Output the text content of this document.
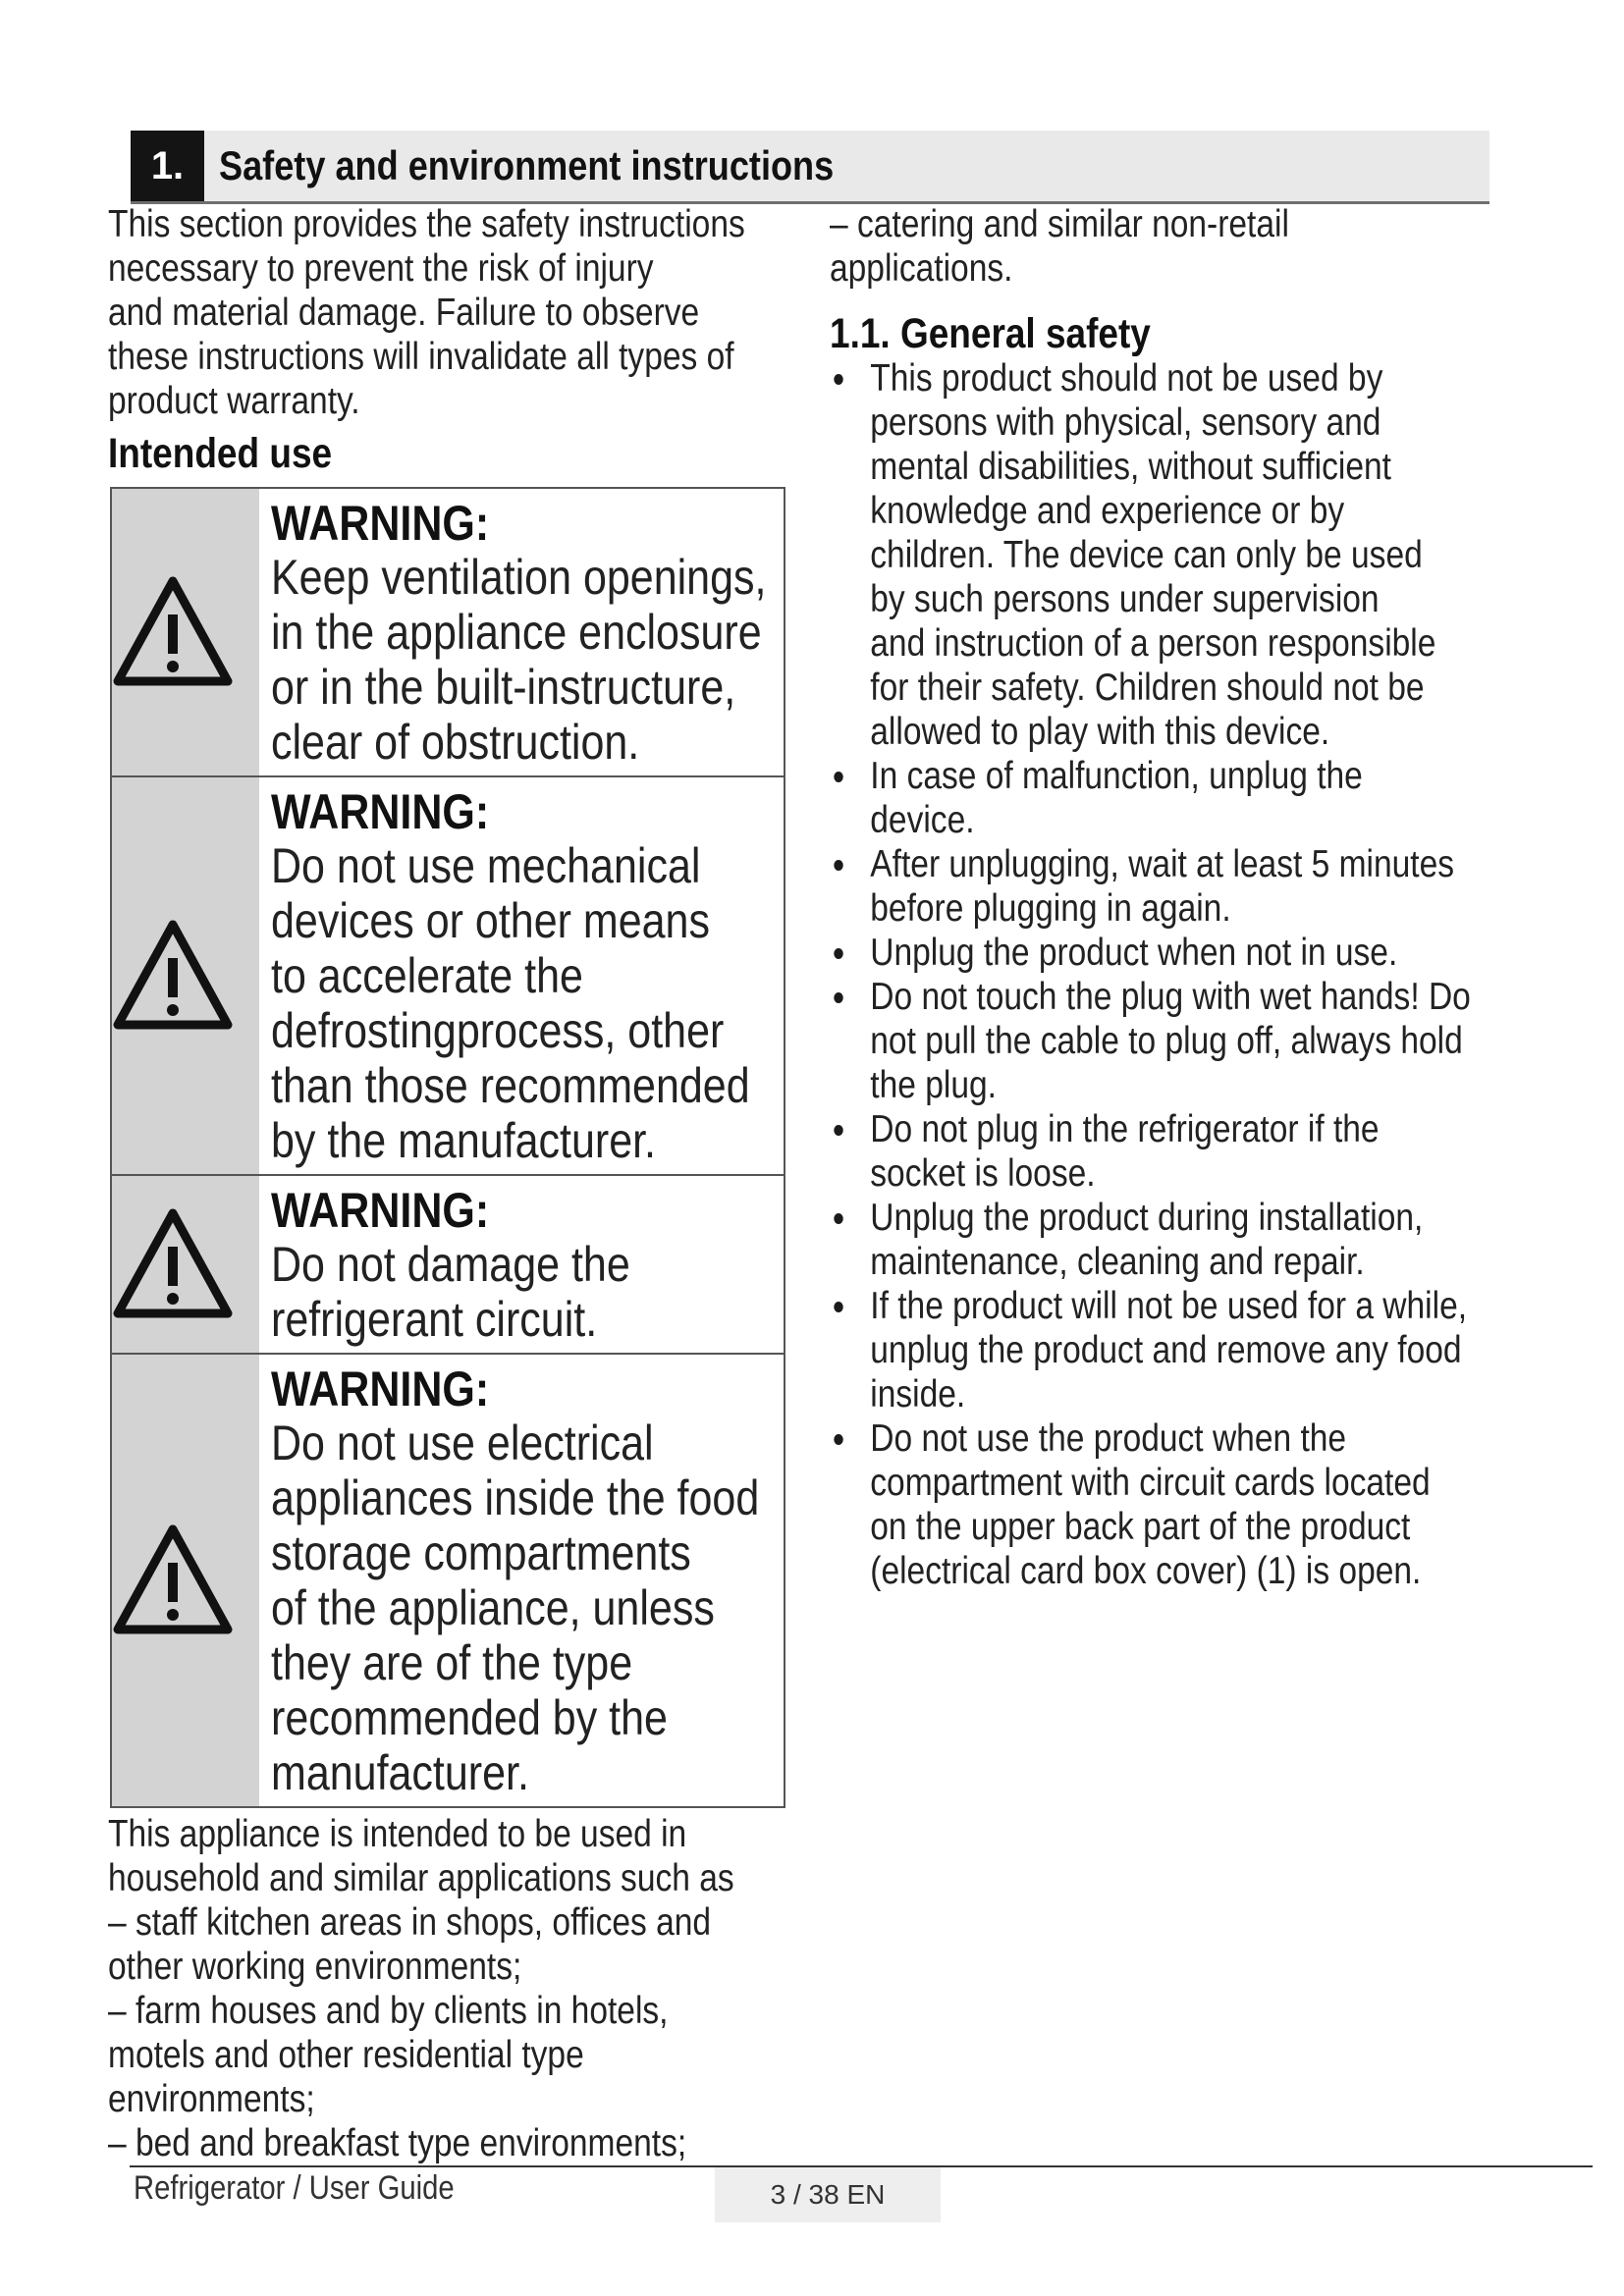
1. Safety and environment instructions
This section provides the safety instructions
necessary to prevent the risk of injury
and material damage. Failure to observe
these instructions will invalidate all types of
product warranty.
Intended use
WARNING:
Keep ventilation openings,
in the appliance enclosure
or in the built-instructure,
clear of obstruction.
WARNING:
Do not use mechanical
devices or other means
to accelerate the
defrostingprocess, other
than those recommended
by the manufacturer.
WARNING:
Do not damage the
refrigerant circuit.
WARNING:
Do not use electrical
appliances inside the food
storage compartments
of the appliance, unless
they are of the type
recommended by the
manufacturer.
This appliance is intended to be used in
household and similar applications such as
– staff kitchen areas in shops, offices and
other working environments;
– farm houses and by clients in hotels,
motels and other residential type
environments;
– bed and breakfast type environments;
– catering and similar non-retail
applications.
1.1. General safety
This product should not be used by
persons with physical, sensory and
mental disabilities, without sufficient
knowledge and experience or by
children. The device can only be used
by such persons under supervision
and instruction of a person responsible
for their safety. Children should not be
allowed to play with this device.
In case of malfunction, unplug the
device.
After unplugging, wait at least 5 minutes
before plugging in again.
Unplug the product when not in use.
Do not touch the plug with wet hands! Do
not pull the cable to plug off, always hold
the plug.
Do not plug in the refrigerator if the
socket is loose.
Unplug the product during installation,
maintenance, cleaning and repair.
If the product will not be used for a while,
unplug the product and remove any food
inside.
Do not use the product when the
compartment with circuit cards located
on the upper back part of the product
(electrical card box cover) (1) is open.
Refrigerator / User Guide	3 / 38 EN
